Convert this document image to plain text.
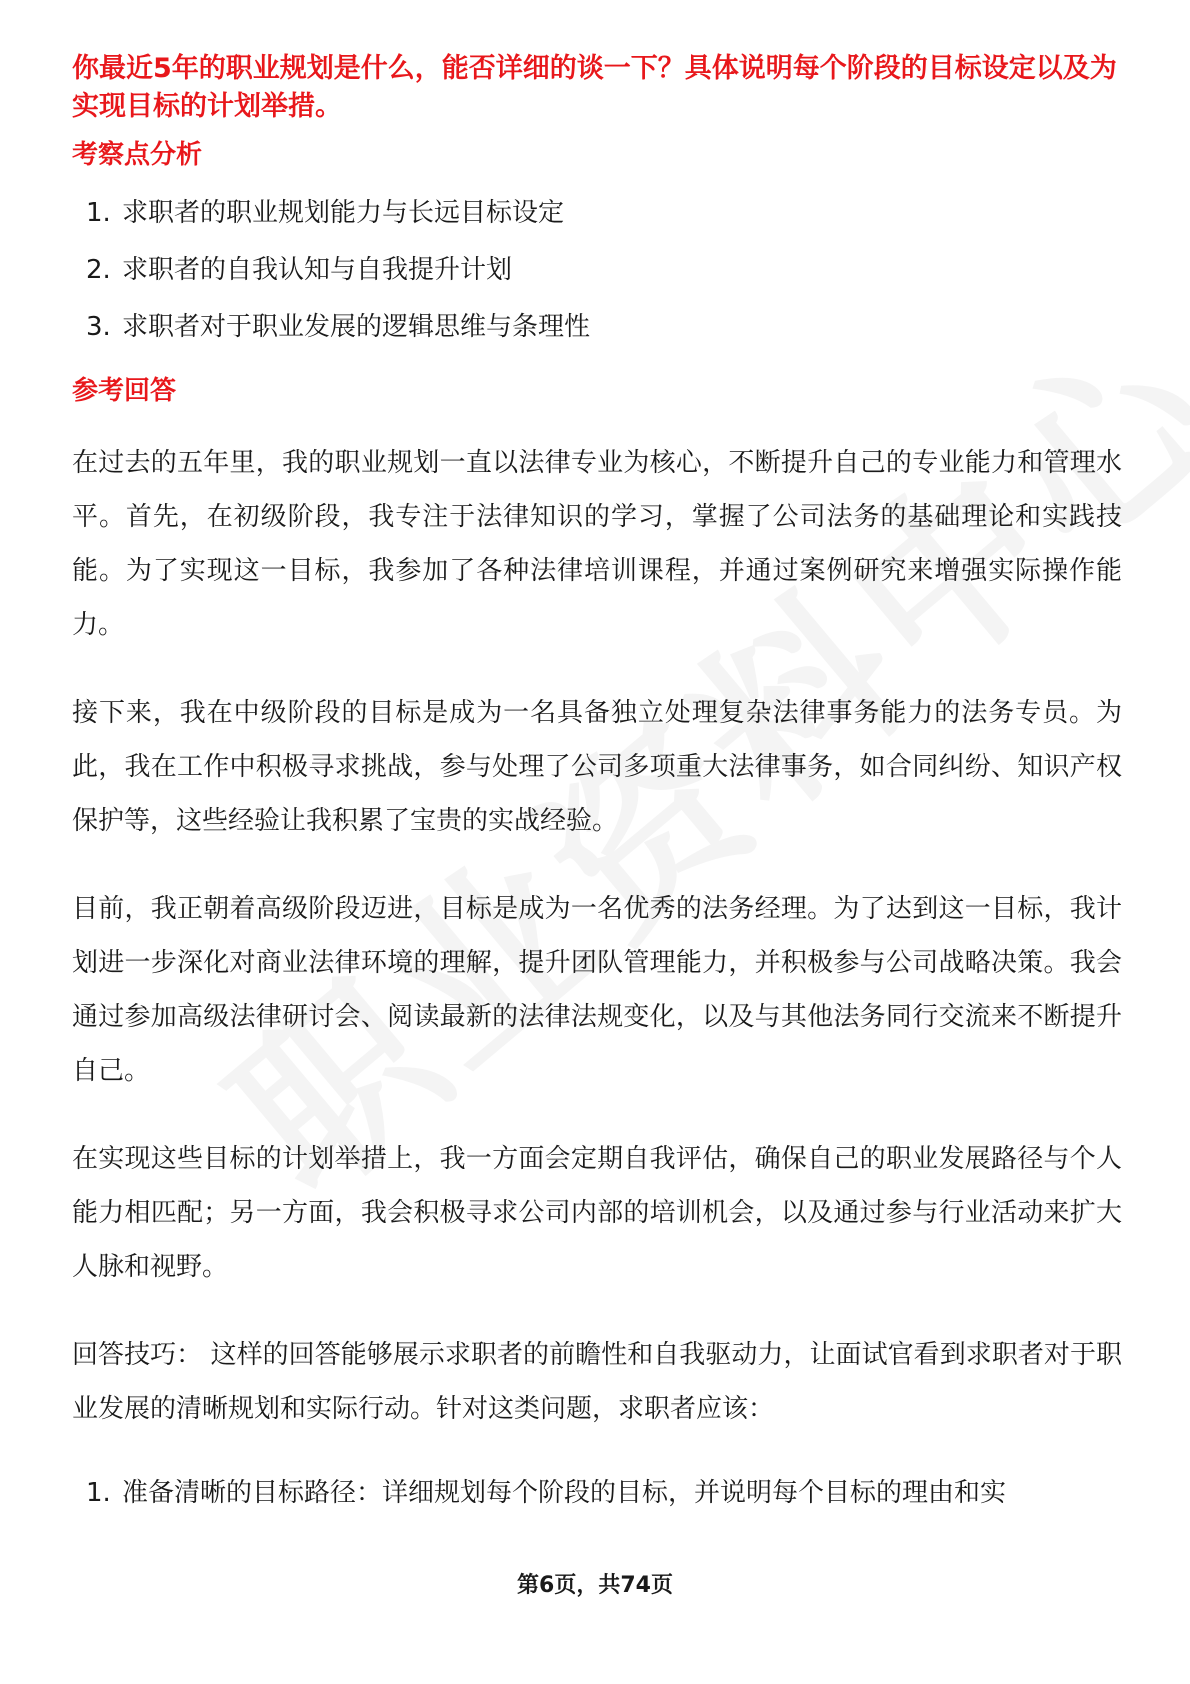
你最近5年的职业规划是什么，能否详细的谈一下？具体说明每个阶段的目标设定以及为实现目标的计划举措。

考察点分析

1. 求职者的职业规划能力与长远目标设定
2. 求职者的自我认知与自我提升计划
3. 求职者对于职业发展的逻辑思维与条理性

参考回答

在过去的五年里，我的职业规划一直以法律专业为核心，不断提升自己的专业能力和管理水平。首先，在初级阶段，我专注于法律知识的学习，掌握了公司法务的基础理论和实践技能。为了实现这一目标，我参加了各种法律培训课程，并通过案例研究来增强实际操作能力。

接下来，我在中级阶段的目标是成为一名具备独立处理复杂法律事务能力的法务专员。为此，我在工作中积极寻求挑战，参与处理了公司多项重大法律事务，如合同纠纷、知识产权保护等，这些经验让我积累了宝贵的实战经验。

目前，我正朝着高级阶段迈进，目标是成为一名优秀的法务经理。为了达到这一目标，我计划进一步深化对商业法律环境的理解，提升团队管理能力，并积极参与公司战略决策。我会通过参加高级法律研讨会、阅读最新的法律法规变化，以及与其他法务同行交流来不断提升自己。

在实现这些目标的计划举措上，我一方面会定期自我评估，确保自己的职业发展路径与个人能力相匹配；另一方面，我会积极寻求公司内部的培训机会，以及通过参与行业活动来扩大人脉和视野。

回答技巧： 这样的回答能够展示求职者的前瞻性和自我驱动力，让面试官看到求职者对于职业发展的清晰规划和实际行动。针对这类问题，求职者应该：

1. 准备清晰的目标路径：详细规划每个阶段的目标，并说明每个目标的理由和实
第6页，共74页
